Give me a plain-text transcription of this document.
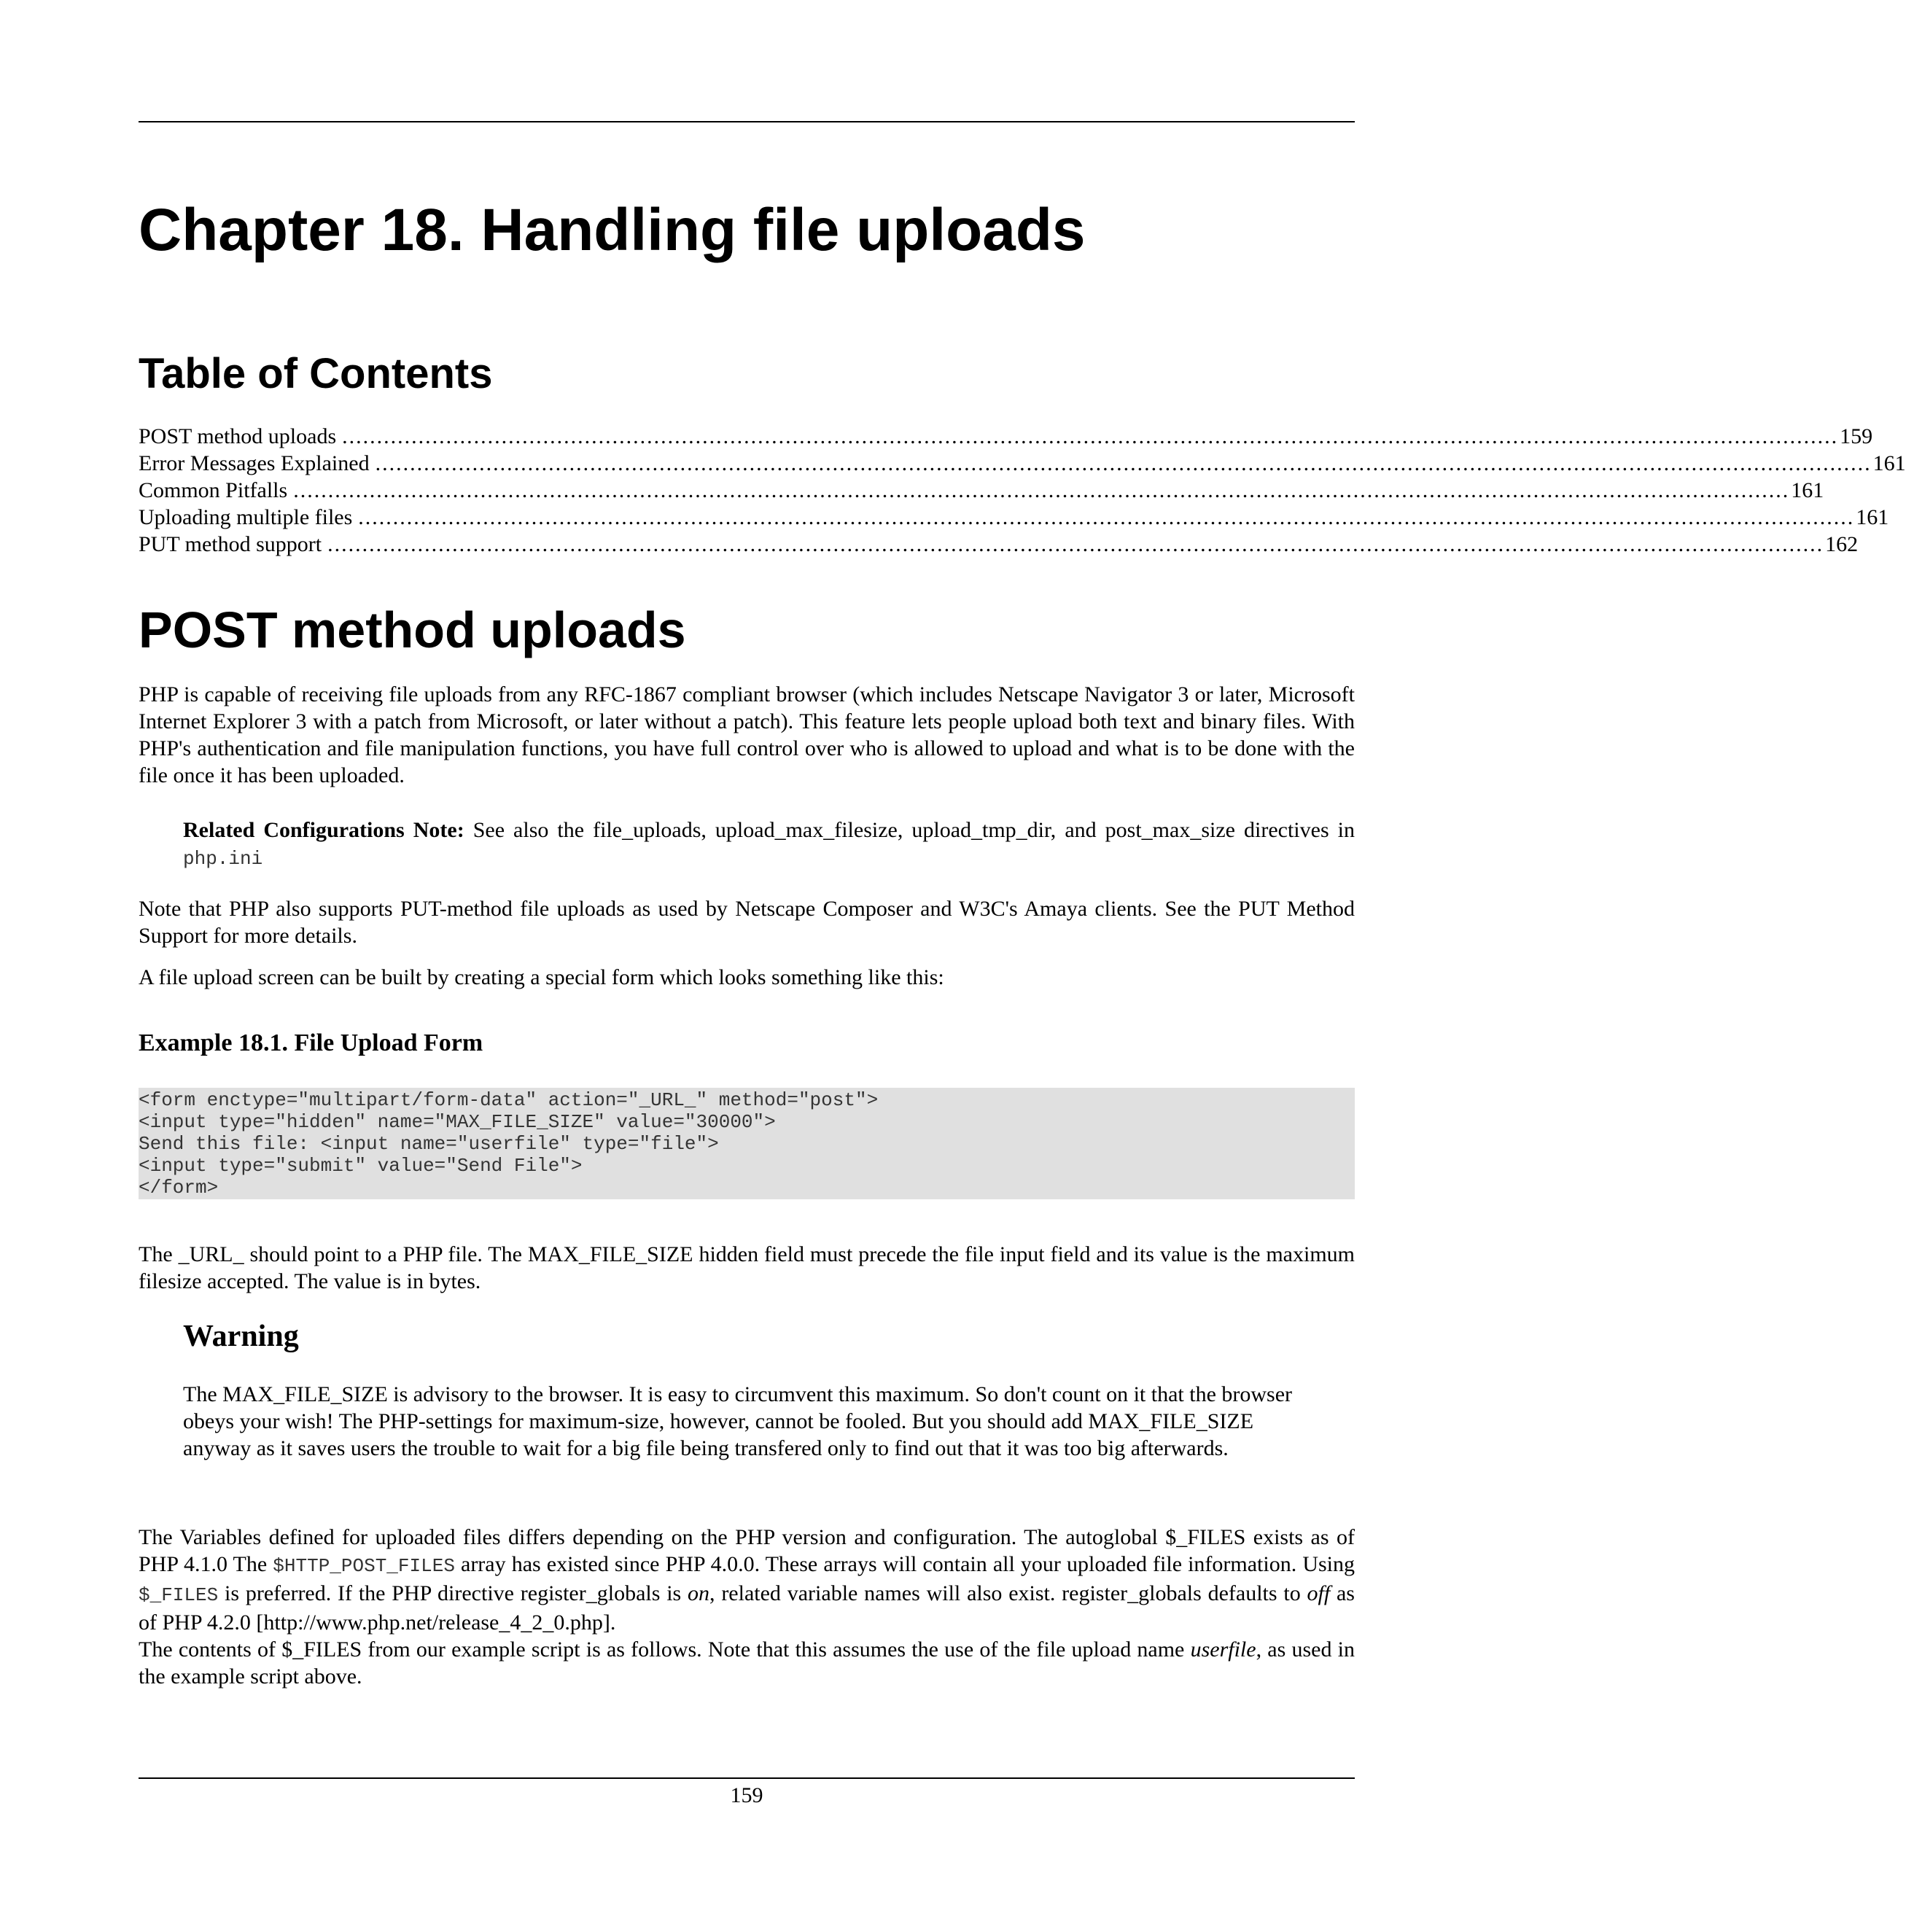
Chapter 18. Handling file uploads
Table of Contents
POST method uploads ........................................................................................................................................................................................................................ 159
Error Messages Explained ........................................................................................................................................................................................................................ 161
Common Pitfalls ........................................................................................................................................................................................................................ 161
Uploading multiple files ........................................................................................................................................................................................................................ 161
PUT method support ........................................................................................................................................................................................................................ 162
POST method uploads

PHP is capable of receiving file uploads from any RFC-1867 compliant browser (which includes Netscape Navigator 3 or later, Microsoft Internet Explorer 3 with a patch from Microsoft, or later without a patch). This feature lets people upload both text and binary files. With PHP's authentication and file manipulation functions, you have full control over who is allowed to upload and what is to be done with the file once it has been uploaded.

Related Configurations Note: See also the file_uploads, upload_max_filesize, upload_tmp_dir, and post_max_size directives in php.ini

Note that PHP also supports PUT-method file uploads as used by Netscape Composer and W3C's Amaya clients. See the PUT Method Support for more details.

A file upload screen can be built by creating a special form which looks something like this:

Example 18.1. File Upload Form
<form enctype="multipart/form-data" action="_URL_" method="post">
<input type="hidden" name="MAX_FILE_SIZE" value="30000">
Send this file: <input name="userfile" type="file">
<input type="submit" value="Send File">
</form>

The _URL_ should point to a PHP file. The MAX_FILE_SIZE hidden field must precede the file input field and its value is the maximum filesize accepted. The value is in bytes.

Warning

The MAX_FILE_SIZE is advisory to the browser. It is easy to circumvent this maximum. So don't count on it that the browser obeys your wish! The PHP-settings for maximum-size, however, cannot be fooled. But you should add MAX_FILE_SIZE anyway as it saves users the trouble to wait for a big file being transfered only to find out that it was too big afterwards.

The Variables defined for uploaded files differs depending on the PHP version and configuration. The autoglobal $_FILES exists as of PHP 4.1.0 The $HTTP_POST_FILES array has existed since PHP 4.0.0. These arrays will contain all your uploaded file information. Using $_FILES is preferred. If the PHP directive register_globals is on, related variable names will also exist. register_globals defaults to off as of PHP 4.2.0 [http://www.php.net/release_4_2_0.php].

The contents of $_FILES from our example script is as follows. Note that this assumes the use of the file upload name userfile, as used in the example script above.

159
